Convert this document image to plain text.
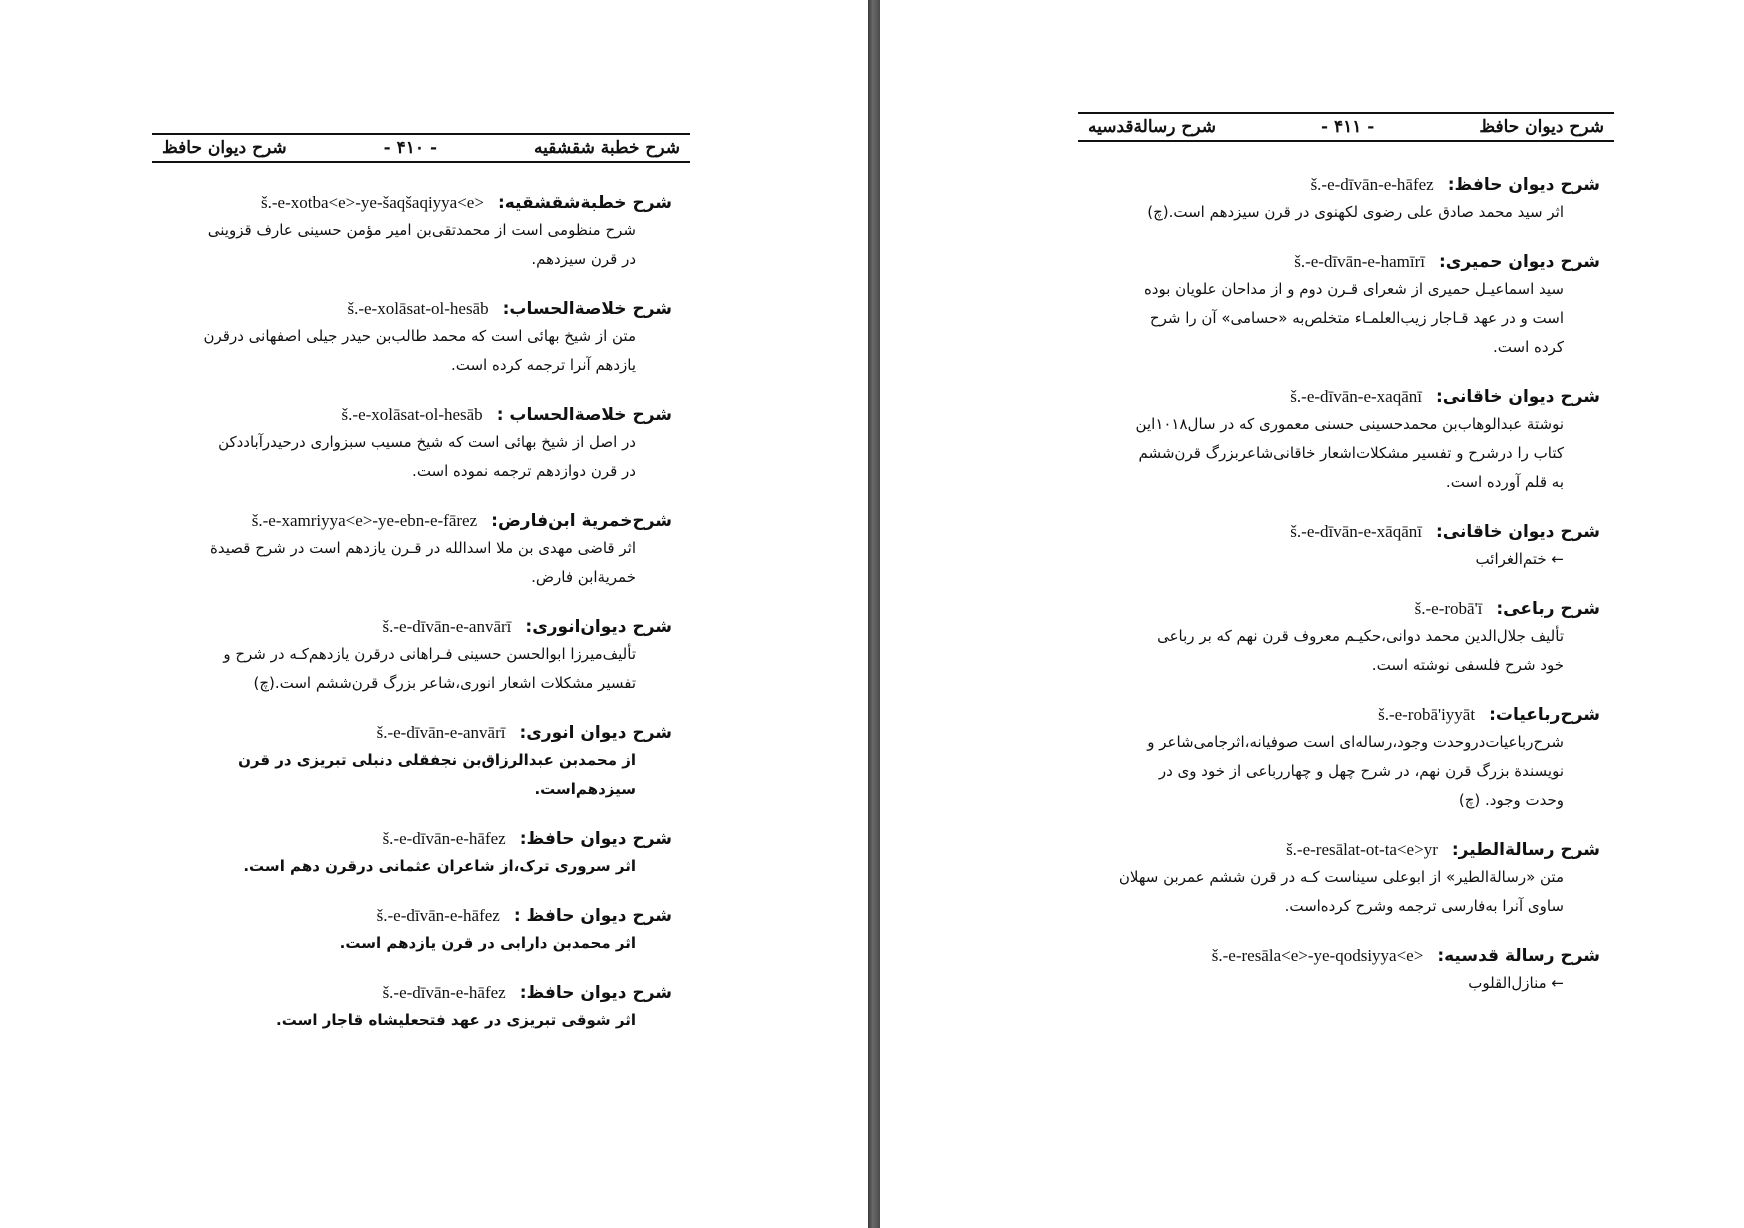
شرح خطبة شقشقيه
- ۴۱۰ -
شرح دیوان حافظ
شرح خطبة‌شقشقیه:š.-e-xotba<e>-ye-šaqšaqiyya<e>
شرح منظومی است از محمدتقی‌بن امیر مؤمن حسینی عارف قزوینی
در قرن سیزدهم.
شرح خلاصة‌الحساب:š.-e-xolāsat-ol-hesāb
متن از شیخ بهائی است که محمد طالب‌بن حیدر جیلی اصفهانی درقرن
یازدهم آنرا ترجمه کرده است.
شرح خلاصة‌الحساب :š.-e-xolāsat-ol-hesāb
در اصل از شیخ بهائی است که شیخ مسیب سبزواری درحیدرآباددکن
در قرن دوازدهم ترجمه نموده است.
شرح‌خمریة ابن‌فارض:š.-e-xamriyya<e>-ye-ebn-e-fārez
اثر قاضی مهدی بن ملا اسدالله در قـرن یازدهم است در شرح قصیدة
خمریةابن فارض.
شرح دیوان‌انوری:š.-e-dīvān-e-anvārī
تألیف‌میرزا ابوالحسن حسینی فـراهانی درقرن یازدهم‌کـه در شرح و
تفسیر مشکلات اشعار انوری،شاعر بزرگ قرن‌ششم است.(چ)
شرح دیوان انوری:š.-e-dīvān-e-anvārī
از محمدبن عبدالرزاق‌بن نجفقلی دنبلی تبریزی در قرن سیزدهم‌است.
شرح دیوان حافظ:š.-e-dīvān-e-hāfez
اثر سروری ترک،از شاعران عثمانی درقرن دهم است.
شرح دیوان حافظ :š.-e-dīvān-e-hāfez
اثر محمدبن دارابی در قرن یازدهم است.
شرح دیوان حافظ:š.-e-dīvān-e-hāfez
اثر شوقی تبریزی در عهد فتحعلیشاه قاجار است.
شرح دیوان حافظ
- ۴۱۱ -
شرح رسالةقدسیه
شرح دیوان حافظ:š.-e-dīvān-e-hāfez
اثر سید محمد صادق علی رضوی لکهنوی در قرن سیزدهم است.(چ)
شرح دیوان حمیری:š.-e-dīvān-e-hamīrī
سید اسماعیـل حمیری از شعرای قـرن دوم و از مداحان علویان بوده
است و در عهد قـاجار زیب‌العلمـاء متخلص‌به «حسامی» آن را شرح
کرده است.
شرح دیوان خاقانی:š.-e-dīvān-e-xaqānī
نوشتة عبدالوهاب‌بن محمدحسینی حسنی معموری که در سال۱۰۱۸این
کتاب را درشرح و تفسیر مشکلات‌اشعار خاقانی‌شاعربزرگ قرن‌ششم
به قلم آورده است.
شرح دیوان خاقانی:š.-e-dīvān-e-xāqānī
← ختم‌الغرائب
شرح رباعی:š.-e-robā'ī
تألیف جلال‌الدین محمد دوانی،حکیـم معروف قرن نهم که بر رباعی
خود شرح فلسفی نوشته است.
شرح‌رباعیات:š.-e-robā'iyyāt
شرح‌رباعیات‌دروحدت وجود،رساله‌ای است صوفیانه،اثرجامی‌شاعر و
نویسندة بزرگ قرن نهم، در شرح چهل و چهاررباعی از خود وی در
وحدت وجود. (چ)
شرح رسالةالطیر:š.-e-resālat-ot-ta<e>yr
متن «رسالةالطیر» از ابوعلی سیناست کـه در قرن ششم عمربن سهلان
ساوی آنرا به‌فارسی ترجمه وشرح کرده‌است.
شرح رسالة قدسیه:š.-e-resāla<e>-ye-qodsiyya<e>
← منازل‌القلوب
